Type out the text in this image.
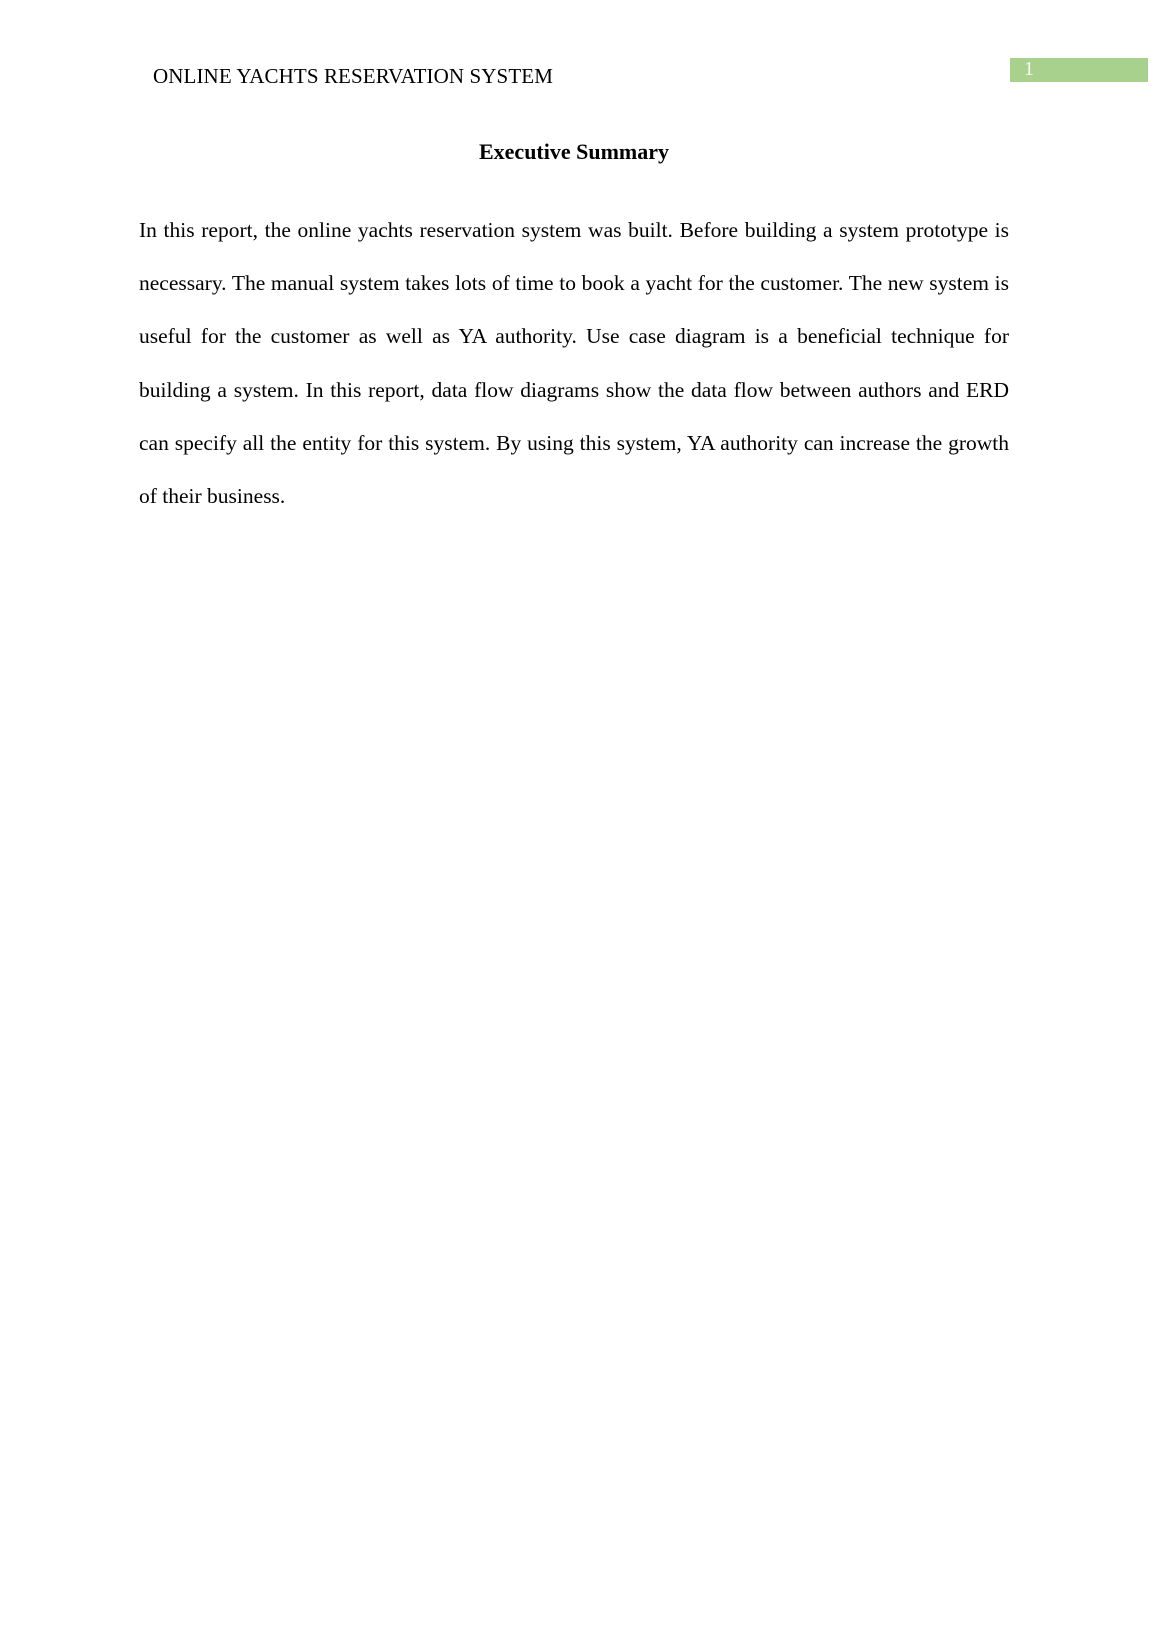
ONLINE YACHTS RESERVATION SYSTEM	1
Executive Summary

In this report, the online yachts reservation system was built. Before building a system prototype is necessary. The manual system takes lots of time to book a yacht for the customer. The new system is useful for the customer as well as YA authority. Use case diagram is a beneficial technique for building a system. In this report, data flow diagrams show the data flow between authors and ERD can specify all the entity for this system. By using this system, YA authority can increase the growth of their business.
